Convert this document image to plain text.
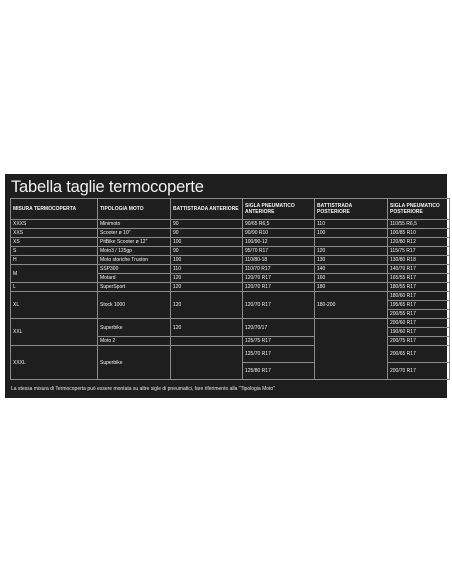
Tabella taglie termocoperte
MISURA TERMOCOPERTA	TIPOLOGIA MOTO	BATTISTRADA ANTERIORE	SIGLA PNEUMATICO ANTERIORE	BATTISTRADA POSTERIORE	SIGLA PNEUMATICO POSTERIORE
XXXS	Minimoto	90	90/65 R6,5	110	110/55 R6,5
XXS	Scooter ø 10"	90	90/90 R10	100	100/85 R10
XS	PitBike Scooter ø 12"	100	100/90-12		120/80 R12
S	Moto3 / 125gp	90	95/70 R17	120	115/75 R17
H	Moto storiche Truxton	100	110/80-18	130	130/80 R18
M	SSP300	110	110/70 R17	140	140/70 R17
	Motard	120	120/70 R17	160	165/55 R17
L	SuperSport	120	120/70 R17	180	180/55 R17
XL	Stock 1000	120	120/70 R17	180-200	180/60 R17
					195/65 R17
					200/55 R17
XXL	Superbike	120	120/70/17		200/60 R17
					190/60 R17
	Moto 2		125/75 R17		200/75 R17
XXXL	Superbike		125/70 R17		200/65 R17
			125/80 R17		200/70 R17
La stessa misura di Termocoperta può essere montata su altre sigle di pneumatici, fare riferimento alla "Tipologia Moto"
